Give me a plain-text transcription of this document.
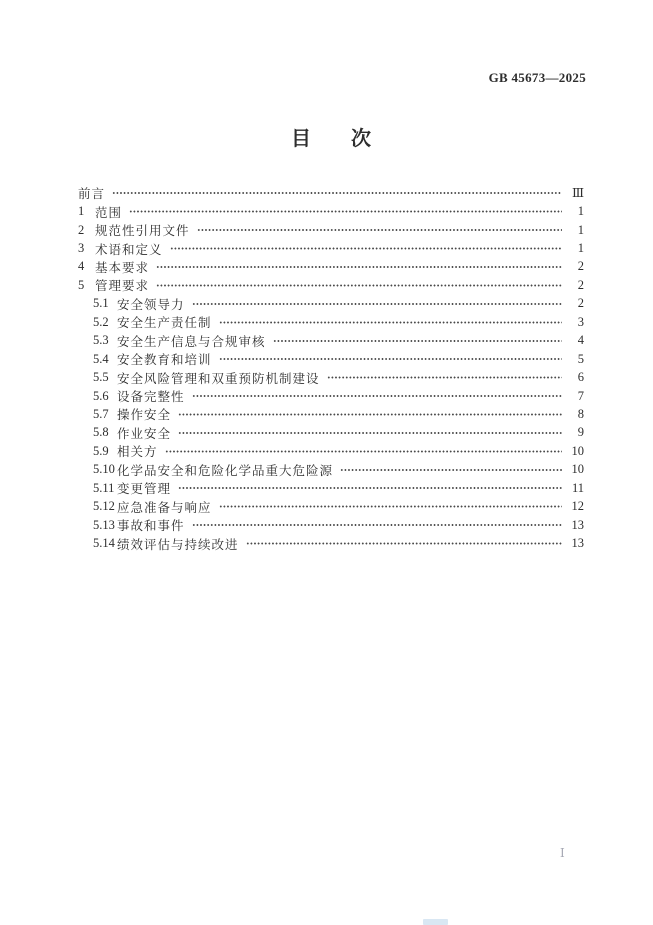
GB 45673—2025
目　　次
前言	Ⅲ
1 范围	1
2 规范性引用文件	1
3 术语和定义	1
4 基本要求	2
5 管理要求	2
5.1 安全领导力	2
5.2 安全生产责任制	3
5.3 安全生产信息与合规审核	4
5.4 安全教育和培训	5
5.5 安全风险管理和双重预防机制建设	6
5.6 设备完整性	7
5.7 操作安全	8
5.8 作业安全	9
5.9 相关方	10
5.10 化学品安全和危险化学品重大危险源	10
5.11 变更管理	11
5.12 应急准备与响应	12
5.13 事故和事件	13
5.14 绩效评估与持续改进	13
Ⅰ
